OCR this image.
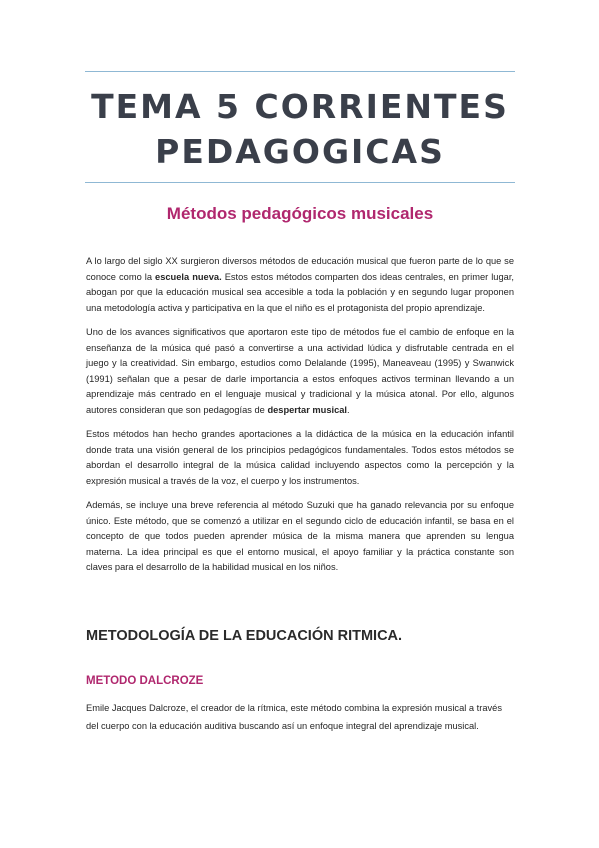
TEMA 5 CORRIENTES
PEDAGOGICAS
Métodos pedagógicos musicales

A lo largo del siglo XX surgieron diversos métodos de educación musical que fueron parte de lo que se conoce como la escuela nueva. Estos estos métodos comparten dos ideas centrales, en primer lugar, abogan por que la educación musical sea accesible a toda la población y en segundo lugar proponen una metodología activa y participativa en la que el niño es el protagonista del propio aprendizaje.

Uno de los avances significativos que aportaron este tipo de métodos fue el cambio de enfoque en la enseñanza de la música qué pasó a convertirse a una actividad lúdica y disfrutable centrada en el juego y la creatividad. Sin embargo, estudios como Delalande (1995), Maneaveau (1995) y Swanwick (1991) señalan que a pesar de darle importancia a estos enfoques activos terminan llevando a un aprendizaje más centrado en el lenguaje musical y tradicional y la música atonal. Por ello, algunos autores consideran que son pedagogías de despertar musical.

Estos métodos han hecho grandes aportaciones a la didáctica de la música en la educación infantil donde trata una visión general de los principios pedagógicos fundamentales. Todos estos métodos se abordan el desarrollo integral de la música calidad incluyendo aspectos como la percepción y la expresión musical a través de la voz, el cuerpo y los instrumentos.

Además, se incluye una breve referencia al método Suzuki que ha ganado relevancia por su enfoque único. Este método, que se comenzó a utilizar en el segundo ciclo de educación infantil, se basa en el concepto de que todos pueden aprender música de la misma manera que aprenden su lengua materna. La idea principal es que el entorno musical, el apoyo familiar y la práctica constante son claves para el desarrollo de la habilidad musical en los niños.

METODOLOGÍA DE LA EDUCACIÓN RITMICA.
METODO DALCROZE

Emile Jacques Dalcroze, el creador de la rítmica, este método combina la expresión musical a través del cuerpo con la educación auditiva buscando así un enfoque integral del aprendizaje musical.
